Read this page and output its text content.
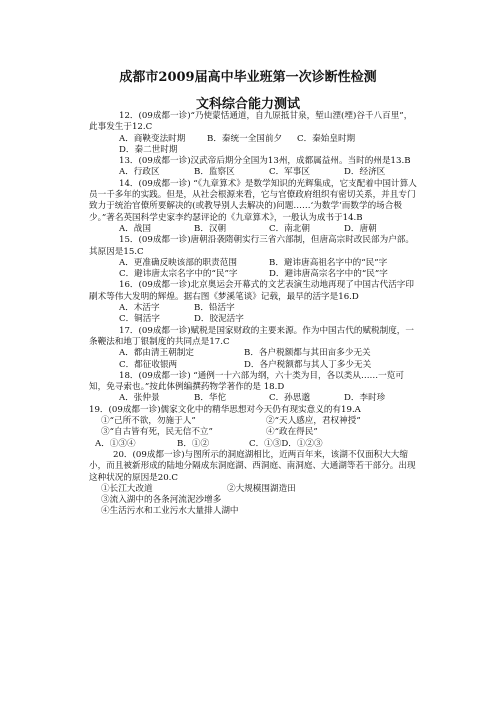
成都市2009届高中毕业班第一次诊断性检测
文科综合能力测试

12．(09成都一诊)“乃使蒙恬通道，自九原抵甘泉，堑山湮(堙)谷千八百里”，此事发生于12.C

A．商鞅变法时期	B．秦统一全国前夕	C．秦始皇时期

D．秦二世时期

13．(09成都一诊)汉武帝后期分全国为13州，成都属益州。当时的州是13.B

A．行政区	B．监察区	C．军事区	D．经济区

14．(09成都一诊) “《九章算术》是数学知识的光辉集成，它支配着中国计算人员一千多年的实践。但是，从社会根源来看，它与官僚政府组织有密切关系，并且专门致力于统治官僚所要解决的(或教导别人去解决的)问题……‘为数学’而数学的场合极少。”著名英国科学史家李约瑟评论的《九章算术》，一般认为成书于14.B

A．战国	B．汉朝	C．南北朝	D．唐朝

15．(09成都一诊)唐朝沿袭隋朝实行三省六部制，但唐高宗时改民部为户部。其原因是15.C

A．更准确反映该部的职责范围	B．避讳唐高祖名字中的“民”字
C．避讳唐太宗名字中的“民”字	D．避讳唐高宗名字中的“民”字

16．(09成都一诊)北京奥运会开幕式的文艺表演生动地再现了中国古代活字印刷术等伟大发明的辉煌。据右图《梦溪笔谈》记载，最早的活字是16.D

A．木活字	B．铅活字
C．铜活字	D．胶泥活字

17．(09成都一诊)赋税是国家财政的主要来源。作为中国古代的赋税制度，一条鞭法和地丁银制度的共同点是17.C

A．都由清王朝制定	B．各户税额都与其田亩多少无关
C．都征收银两	D．各户税额都与其人丁多少无关

18．(09成都一诊) “通例一十六部为纲，六十类为目，各以类从……一览可知，免寻索也。”按此体例编撰药物学著作的是 18.D

A．张仲景	B．华佗	C．孙思邈	D．李时珍

19．(09成都一诊)儒家文化中的精华思想对今天仍有现实意义的有19.A

①“己所不欲，勿施于人”	②“天人感应，君权神授”
③“自古皆有死，民无信不立”	④“政在得民”
A．①③④	B．①②	C．①③D．①②③

20．(09成都一诊)与图所示的洞庭湖相比，近两百年来，该湖不仅面积大大缩小，而且被新形成的陆地分隔成东洞庭湖、西洞庭、南洞庭、大通湖等若干部分。出现这种状况的原因是20.C

①长江大改道	②大规模围湖造田

③流入湖中的各条河流泥沙增多

④生活污水和工业污水大量排人湖中
